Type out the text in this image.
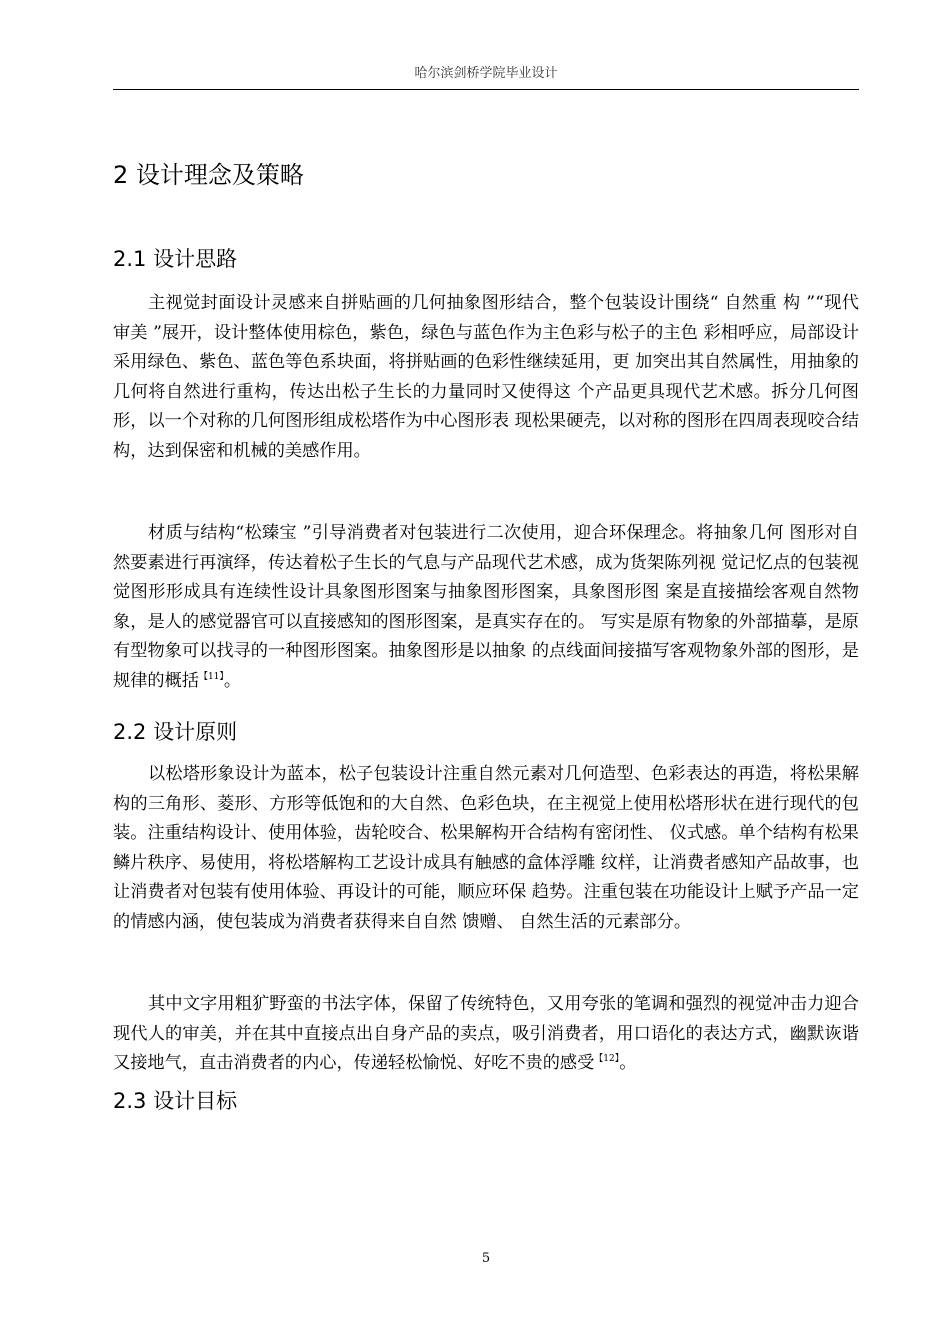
哈尔滨剑桥学院毕业设计
2 设计理念及策略
2.1 设计思路

主视觉封面设计灵感来自拼贴画的几何抽象图形结合，整个包装设计围绕“ 自然重 构 ”“现代审美 ”展开，设计整体使用棕色，紫色，绿色与蓝色作为主色彩与松子的主色 彩相呼应，局部设计采用绿色、紫色、蓝色等色系块面，将拼贴画的色彩性继续延用，更 加突出其自然属性，用抽象的几何将自然进行重构，传达出松子生长的力量同时又使得这 个产品更具现代艺术感。拆分几何图形，以一个对称的几何图形组成松塔作为中心图形表 现松果硬壳，以对称的图形在四周表现咬合结构，达到保密和机械的美感作用。

材质与结构“松臻宝 ”引导消费者对包装进行二次使用，迎合环保理念。将抽象几何 图形对自然要素进行再演绎，传达着松子生长的气息与产品现代艺术感，成为货架陈列视 觉记忆点的包装视觉图形形成具有连续性设计具象图形图案与抽象图形图案，具象图形图 案是直接描绘客观自然物象，是人的感觉器官可以直接感知的图形图案，是真实存在的。 写实是原有物象的外部描摹，是原有型物象可以找寻的一种图形图案。抽象图形是以抽象 的点线面间接描写客观物象外部的图形，是规律的概括$^{【11】}$。

2.2 设计原则

以松塔形象设计为蓝本，松子包装设计注重自然元素对几何造型、色彩表达的再造，将松果解构的三角形、菱形、方形等低饱和的大自然、色彩色块，在主视觉上使用松塔形状在进行现代的包装。注重结构设计、使用体验，齿轮咬合、松果解构开合结构有密闭性、 仪式感。单个结构有松果鳞片秩序、易使用，将松塔解构工艺设计成具有触感的盒体浮雕 纹样，让消费者感知产品故事，也让消费者对包装有使用体验、再设计的可能，顺应环保 趋势。注重包装在功能设计上赋予产品一定的情感内涵，使包装成为消费者获得来自自然 馈赠、 自然生活的元素部分。

其中文字用粗犷野蛮的书法字体，保留了传统特色，又用夸张的笔调和强烈的视觉冲击力迎合现代人的审美，并在其中直接点出自身产品的卖点，吸引消费者，用口语化的表达方式，幽默诙谐又接地气，直击消费者的内心，传递轻松愉悦、好吃不贵的感受$^{【12】}$。

2.3 设计目标
5
